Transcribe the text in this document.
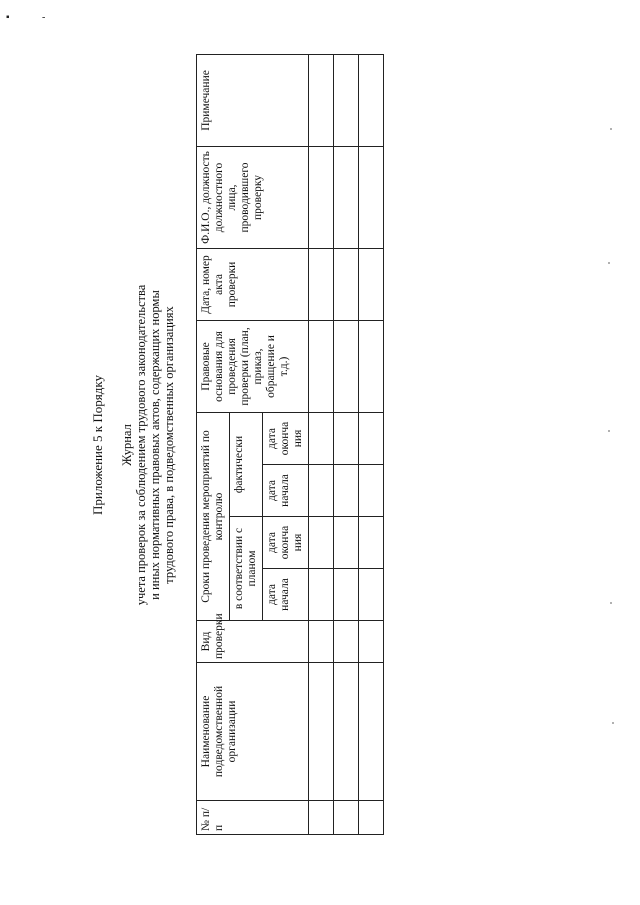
▪	-
Приложение 5 к Порядку Журнал учета проверок за соблюдением трудового законодательства и иных нормативных правовых актов, содержащих нормы трудового права, в подведомственных организациях
№ п/п	Наименование подведомственной организации	Вид проверки	Сроки проведения мероприятий по контролю				Правовые основания для проведения проверки (план, приказ, обращение и т.д.)	Дата, номер акта проверки	Ф.И.О., должность должностного лица, проводившего проверку	Примечание
			в соответствии с планом		фактически					
			дата начала	дата оконча ния	дата начала	дата оконча ния				
